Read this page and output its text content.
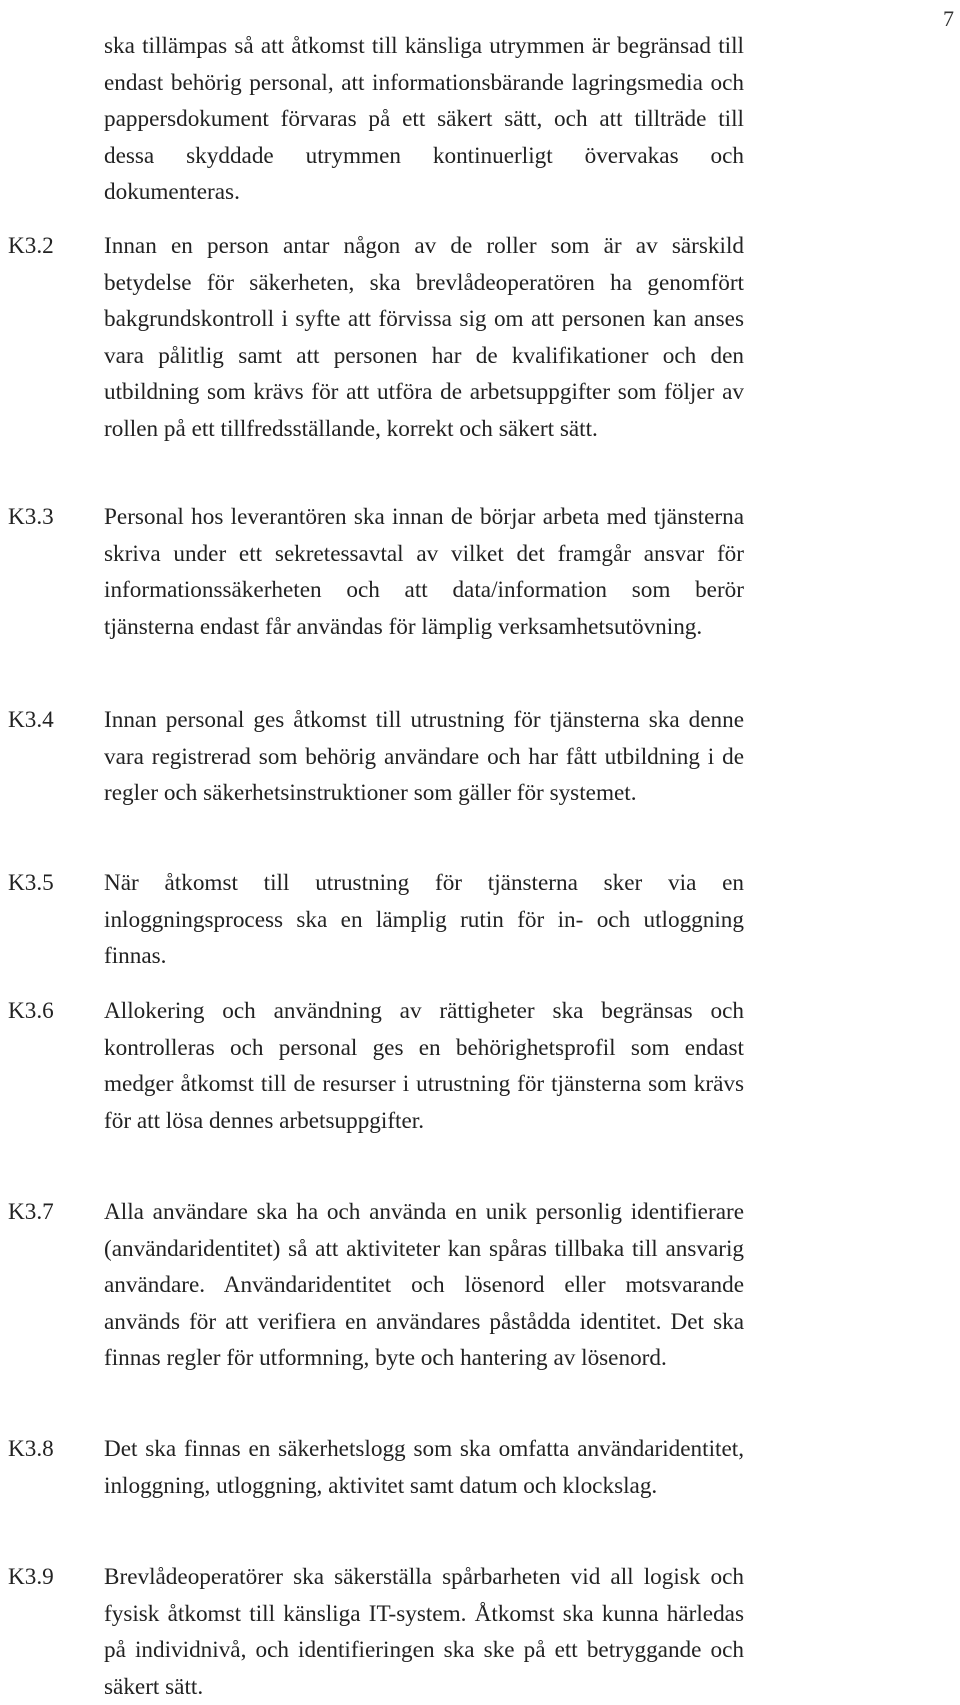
7

ska tillämpas så att åtkomst till känsliga utrymmen är begränsad till endast behörig personal, att informationsbärande lagringsmedia och pappersdokument förvaras på ett säkert sätt, och att tillträde till dessa skyddade utrymmen kontinuerligt övervakas och dokumenteras.

K3.2	Innan en person antar någon av de roller som är av särskild betydelse för säkerheten, ska brevlådeoperatören ha genomfört bakgrundskontroll i syfte att förvissa sig om att personen kan anses vara pålitlig samt att personen har de kvalifikationer och den utbildning som krävs för att utföra de arbetsuppgifter som följer av rollen på ett tillfredsställande, korrekt och säkert sätt.

K3.3	Personal hos leverantören ska innan de börjar arbeta med tjänsterna skriva under ett sekretessavtal av vilket det framgår ansvar för informationssäkerheten och att data/information som berör tjänsterna endast får användas för lämplig verksamhetsutövning.

K3.4	Innan personal ges åtkomst till utrustning för tjänsterna ska denne vara registrerad som behörig användare och har fått utbildning i de regler och säkerhetsinstruktioner som gäller för systemet.

K3.5	När åtkomst till utrustning för tjänsterna sker via en inloggningsprocess ska en lämplig rutin för in- och utloggning finnas.

K3.6	Allokering och användning av rättigheter ska begränsas och kontrolleras och personal ges en behörighetsprofil som endast medger åtkomst till de resurser i utrustning för tjänsterna som krävs för att lösa dennes arbetsuppgifter.

K3.7	Alla användare ska ha och använda en unik personlig identifierare (användaridentitet) så att aktiviteter kan spåras tillbaka till ansvarig användare. Användaridentitet och lösenord eller motsvarande används för att verifiera en användares påstådda identitet. Det ska finnas regler för utformning, byte och hantering av lösenord.

K3.8	Det ska finnas en säkerhetslogg som ska omfatta användaridentitet, inloggning, utloggning, aktivitet samt datum och klockslag.

K3.9	Brevlådeoperatörer ska säkerställa spårbarheten vid all logisk och fysisk åtkomst till känsliga IT-system. Åtkomst ska kunna härledas på individnivå, och identifieringen ska ske på ett betryggande och säkert sätt.
